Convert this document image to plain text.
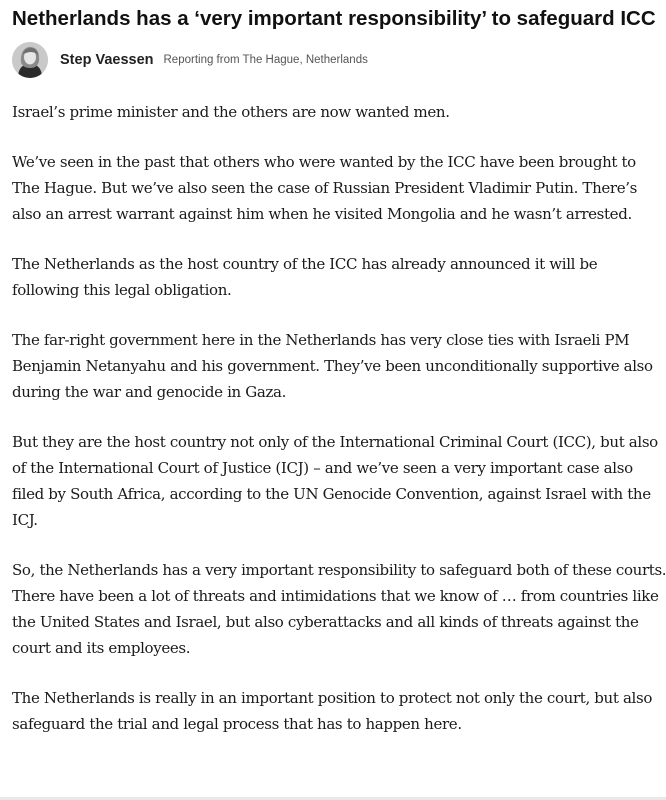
Netherlands has a ‘very important responsibility’ to safeguard ICC
Step Vaessen Reporting from The Hague, Netherlands

Israel’s prime minister and the others are now wanted men.

We’ve seen in the past that others who were wanted by the ICC have been brought to The Hague. But we’ve also seen the case of Russian President Vladimir Putin. There’s also an arrest warrant against him when he visited Mongolia and he wasn’t arrested.

The Netherlands as the host country of the ICC has already announced it will be following this legal obligation.

The far-right government here in the Netherlands has very close ties with Israeli PM Benjamin Netanyahu and his government. They’ve been unconditionally supportive also during the war and genocide in Gaza.

But they are the host country not only of the International Criminal Court (ICC), but also of the International Court of Justice (ICJ) – and we’ve seen a very important case also filed by South Africa, according to the UN Genocide Convention, against Israel with the ICJ.

So, the Netherlands has a very important responsibility to safeguard both of these courts. There have been a lot of threats and intimidations that we know of … from countries like the United States and Israel, but also cyberattacks and all kinds of threats against the court and its employees.

The Netherlands is really in an important position to protect not only the court, but also safeguard the trial and legal process that has to happen here.
